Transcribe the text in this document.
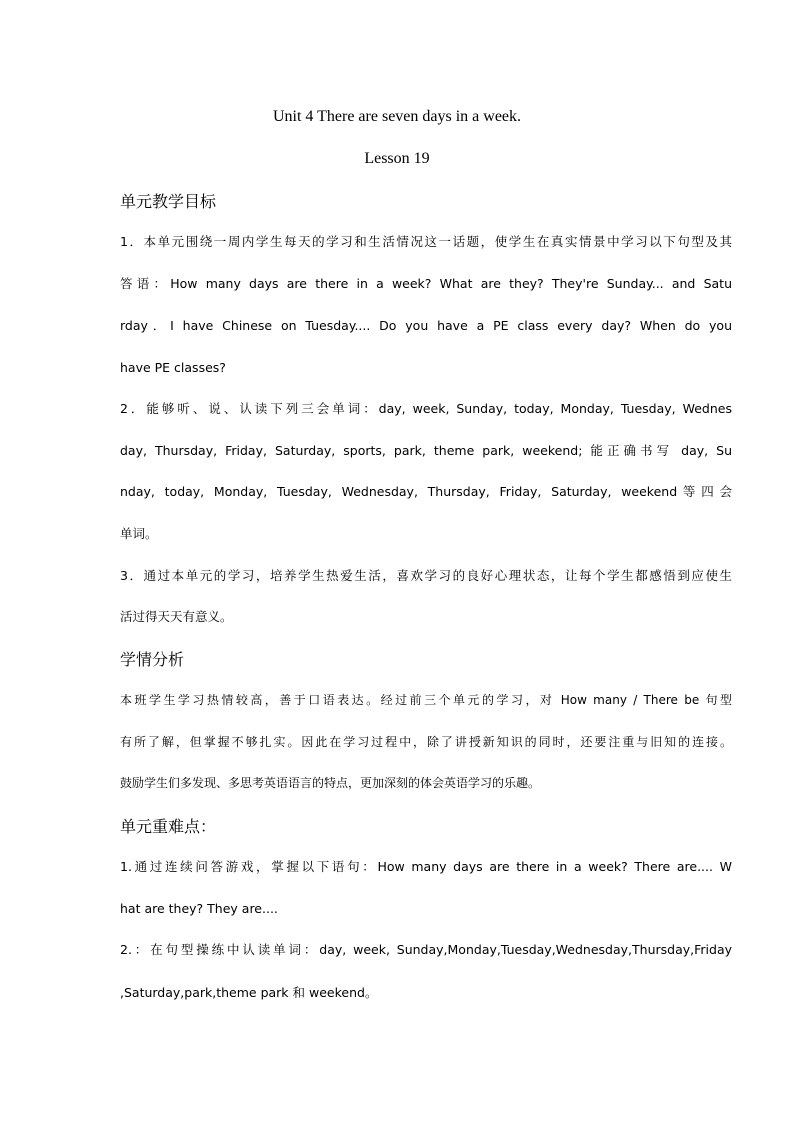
Unit 4 There are seven days in a week.
Lesson 19
单元教学目标
1．本单元围绕一周内学生每天的学习和生活情况这一话题，使学生在真实情景中学习以下句型及其
答语：How many days are there in a week? What are they? They're Sunday... and Satu
rday．I have Chinese on Tuesday.... Do you have a PE class every day? When do you
have PE classes?
2．能够听、说、认读下列三会单词：day, week, Sunday, today, Monday, Tuesday, Wednes
day, Thursday, Friday, Saturday, sports, park, theme park, weekend; 能正确书写 day, Su
nday, today, Monday, Tuesday, Wednesday, Thursday, Friday, Saturday, weekend等四会
单词。
3．通过本单元的学习，培养学生热爱生活，喜欢学习的良好心理状态，让每个学生都感悟到应使生
活过得天天有意义。
学情分析
本班学生学习热情较高，善于口语表达。经过前三个单元的学习，对 How many / There be 句型
有所了解，但掌握不够扎实。因此在学习过程中，除了讲授新知识的同时，还要注重与旧知的连接。
鼓励学生们多发现、多思考英语语言的特点，更加深刻的体会英语学习的乐趣。
单元重难点：
1.通过连续问答游戏，掌握以下语句：How many days are there in a week? There are.... W
hat are they? They are....
2.：在句型操练中认读单词：day, week, Sunday,Monday,Tuesday,Wednesday,Thursday,Friday
,Saturday,park,theme park 和 weekend。
